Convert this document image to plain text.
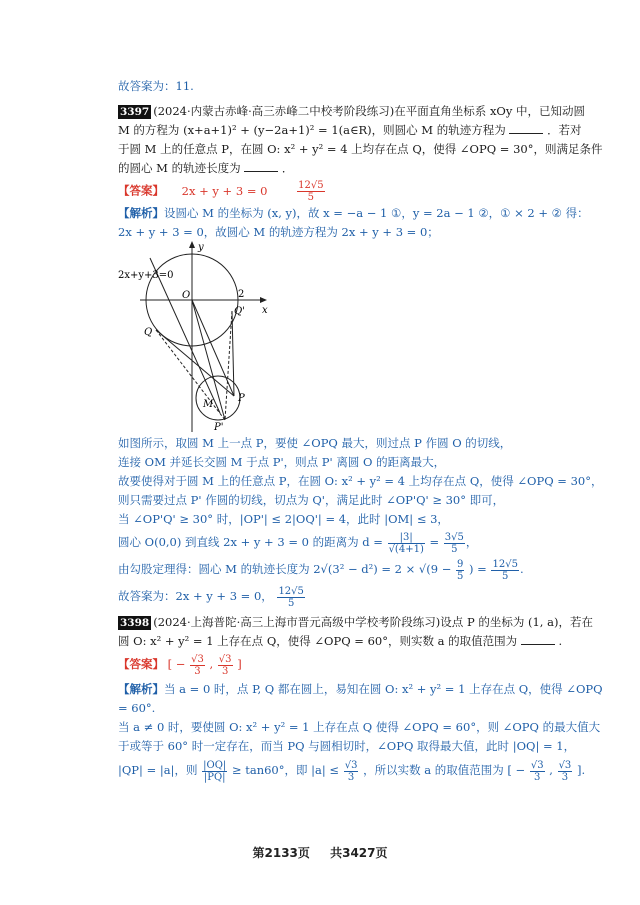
故答案为：11.
3397 (2024·内蒙古赤峰·高三赤峰二中校考阶段练习)在平面直角坐标系 xOy 中，已知动圆
M 的方程为 (x+a+1)² + (y−2a+1)² = 1(a∈R)，则圆心 M 的轨迹方程为	．若对
于圆 M 上的任意点 P，在圆 O: x² + y² = 4 上均存在点 Q，使得 ∠OPQ = 30°，则满足条件
的圆心 M 的轨迹长度为	．
【答案】 2x + y + 3 = 0	$\frac{12√5}{5}$
【解析】设圆心 M 的坐标为 (x, y)，故 x = −a − 1 ①，y = 2a − 1 ②，① × 2 + ② 得：
2x + y + 3 = 0，故圆心 M 的轨迹方程为 2x + y + 3 = 0；
2x+y+3=0
y
x
O	2
Q
Q'
M
P
P'
如图所示，取圆 M 上一点 P，要使 ∠OPQ 最大，则过点 P 作圆 O 的切线，
连接 OM 并延长交圆 M 于点 P'，则点 P' 离圆 O 的距离最大，
故要使得对于圆 M 上的任意点 P，在圆 O: x² + y² = 4 上均存在点 Q，使得 ∠OPQ = 30°，
则只需要过点 P' 作圆的切线，切点为 Q'，满足此时 ∠OP'Q' ≥ 30° 即可，
当 ∠OP'Q' ≥ 30° 时，|OP'| ≤ 2|OQ'| = 4，此时 |OM| ≤ 3，
圆心 O(0,0) 到直线 2x + y + 3 = 0 的距离为 $d = \frac{|3|}{√(4+1)} = \frac{3√5}{5}$ ，
由勾股定理得：圆心 M 的轨迹长度为 $2√(3^2 - d^2) = 2 \times √(9 - \frac{9}{5}$ ) = $\frac{12√5}{5}$ .
故答案为：2x + y + 3 = 0， $\frac{12√5}{5}$
3398 (2024·上海普陀·高三上海市晋元高级中学校考阶段练习)设点 P 的坐标为 (1, a)，若在
圆 O: x² + y² = 1 上存在点 Q，使得 ∠OPQ = 60°，则实数 a 的取值范围为	.
【答案】 [ − $\frac{√3}{3}$ , $\frac{√3}{3}$ ]
【解析】当 a = 0 时，点 P, Q 都在圆上，易知在圆 O: x² + y² = 1 上存在点 Q，使得 ∠OPQ
= 60°.
当 a ≠ 0 时，要使圆 O: x² + y² = 1 上存在点 Q 使得 ∠OPQ = 60°，则 ∠OPQ 的最大值大
于或等于 60° 时一定存在，而当 PQ 与圆相切时，∠OPQ 取得最大值，此时 |OQ| = 1，
|QP| = |a|，则 $\frac{|OQ|}{|PQ|} \ge \tan 60^\circ$，即 $|a| \le \frac{√3}{3}$ ，所以实数 a 的取值范围为 [ − $\frac{√3}{3}$ , $\frac{√3}{3}$ ].
第2133页 共3427页
